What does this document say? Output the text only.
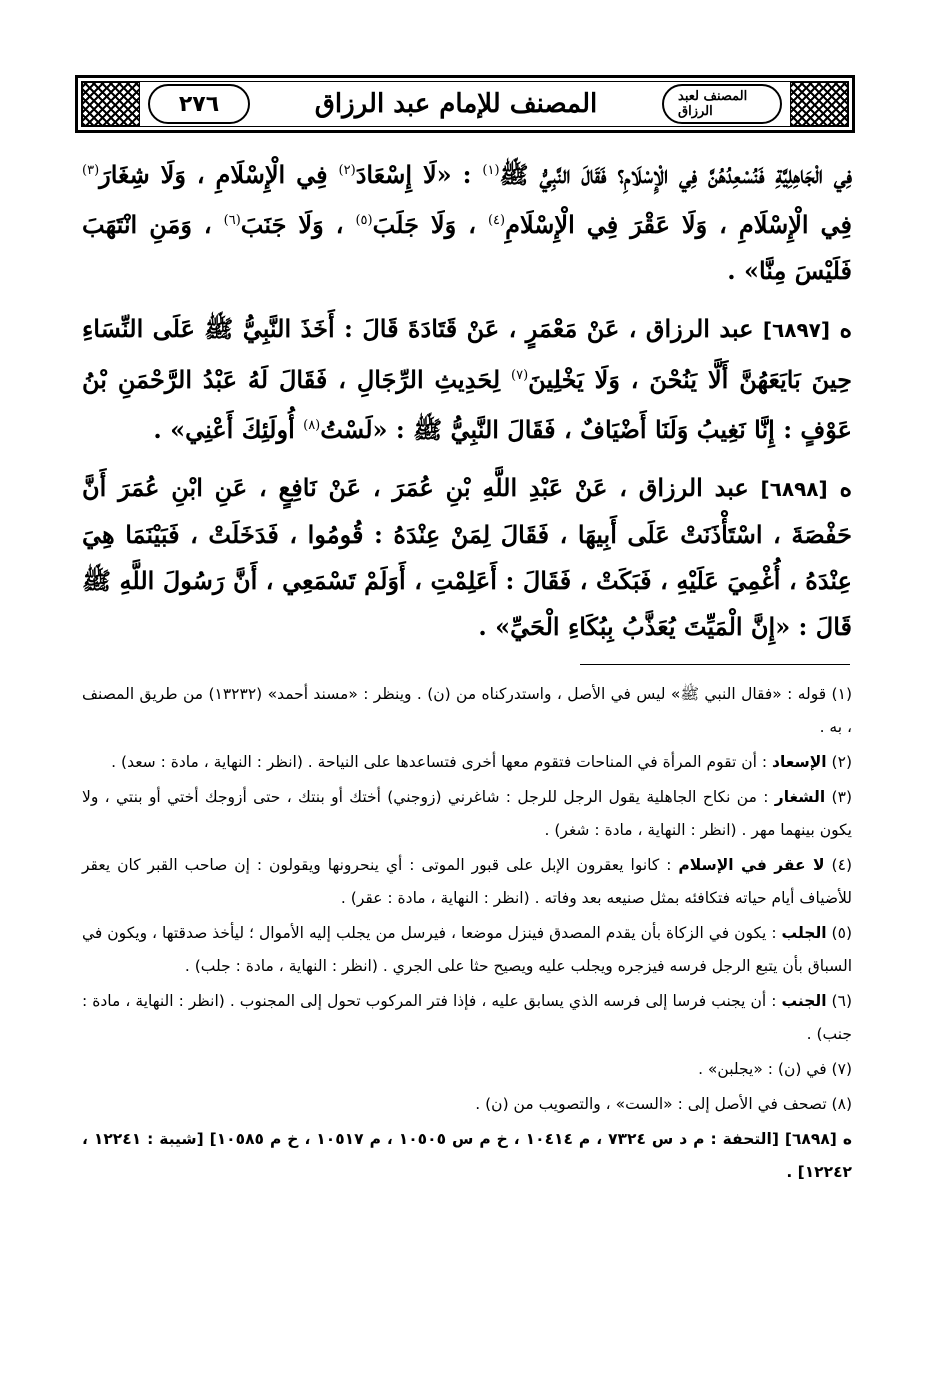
٢٧٦	المصنف للإمام عبد الرزاق	المصنف لعبد الرزاق

فِي الْجَاهِلِيَّةِ فَنُسْعِدُهُنَّ فِي الْإِسْلَامِ؟ فَقَالَ النَّبِيُّ ﷺ$^{(١)}$ : «لَا إِسْعَادَ$^{(٢)}$ فِي الْإِسْلَامِ ، وَلَا شِغَارَ$^{(٣)}$ فِي الْإِسْلَامِ ، وَلَا عَقْرَ فِي الْإِسْلَامِ$^{(٤)}$ ، وَلَا جَلَبَ$^{(٥)}$ ، وَلَا جَنَبَ$^{(٦)}$ ، وَمَنِ انْتَهَبَ فَلَيْسَ مِنَّا» .

ه [٦٨٩٧] عبد الرزاق ، عَنْ مَعْمَرٍ ، عَنْ قَتَادَةَ قَالَ : أَخَذَ النَّبِيُّ ﷺ عَلَى النِّسَاءِ حِينَ بَايَعَهُنَّ أَلَّا يَنُحْنَ ، وَلَا يَخْلِينَ$^{(٧)}$ لِحَدِيثِ الرِّجَالِ ، فَقَالَ لَهُ عَبْدُ الرَّحْمَنِ بْنُ عَوْفٍ : إِنَّا نَغِيبُ وَلَنَا أَضْيَافٌ ، فَقَالَ النَّبِيُّ ﷺ : «لَسْتُ$^{(٨)}$ أُولَئِكَ أَعْنِي» .

ه [٦٨٩٨] عبد الرزاق ، عَنْ عَبْدِ اللَّهِ بْنِ عُمَرَ ، عَنْ نَافِعٍ ، عَنِ ابْنِ عُمَرَ أَنَّ حَفْصَةَ ، اسْتَأْذَنَتْ عَلَى أَبِيهَا ، فَقَالَ لِمَنْ عِنْدَهُ : قُومُوا ، فَدَخَلَتْ ، فَبَيْنَمَا هِيَ عِنْدَهُ ، أُغْمِيَ عَلَيْهِ ، فَبَكَتْ ، فَقَالَ : أَعَلِمْتِ ، أَوَلَمْ تَسْمَعِي ، أَنَّ رَسُولَ اللَّهِ ﷺ قَالَ : «إِنَّ الْمَيِّتَ يُعَذَّبُ بِبُكَاءِ الْحَيِّ» .

(١) قوله : «فقال النبي ﷺ» ليس في الأصل ، واستدركناه من (ن) . وينظر : «مسند أحمد» (١٣٢٣٢) من طريق المصنف ، به .

(٢) الإسعاد : أن تقوم المرأة في المناحات فتقوم معها أخرى فتساعدها على النياحة . (انظر : النهاية ، مادة : سعد) .

(٣) الشغار : من نكاح الجاهلية يقول الرجل للرجل : شاغرني (زوجني) أختك أو بنتك ، حتى أزوجك أختي أو بنتي ، ولا يكون بينهما مهر . (انظر : النهاية ، مادة : شغر) .

(٤) لا عقر في الإسلام : كانوا يعقرون الإبل على قبور الموتى : أي ينحرونها ويقولون : إن صاحب القبر كان يعقر للأضياف أيام حياته فتكافئه بمثل صنيعه بعد وفاته . (انظر : النهاية ، مادة : عقر) .

(٥) الجلب : يكون في الزكاة بأن يقدم المصدق فينزل موضعا ، فيرسل من يجلب إليه الأموال ؛ ليأخذ صدقتها ، ويكون في السباق بأن يتبع الرجل فرسه فيزجره ويجلب عليه ويصيح حثا على الجري . (انظر : النهاية ، مادة : جلب) .

(٦) الجنب : أن يجنب فرسا إلى فرسه الذي يسابق عليه ، فإذا فتر المركوب تحول إلى المجنوب . (انظر : النهاية ، مادة : جنب) .

(٧) في (ن) : «يجلبن» .

(٨) تصحف في الأصل إلى : «الست» ، والتصويب من (ن) .

ه [٦٨٩٨] [التحفة : م د س ٧٣٢٤ ، م ١٠٤١٤ ، خ م س ١٠٥٠٥ ، م ١٠٥١٧ ، خ م ١٠٥٨٥] [شيبة : ١٢٢٤١ ، ١٢٢٤٢] .
